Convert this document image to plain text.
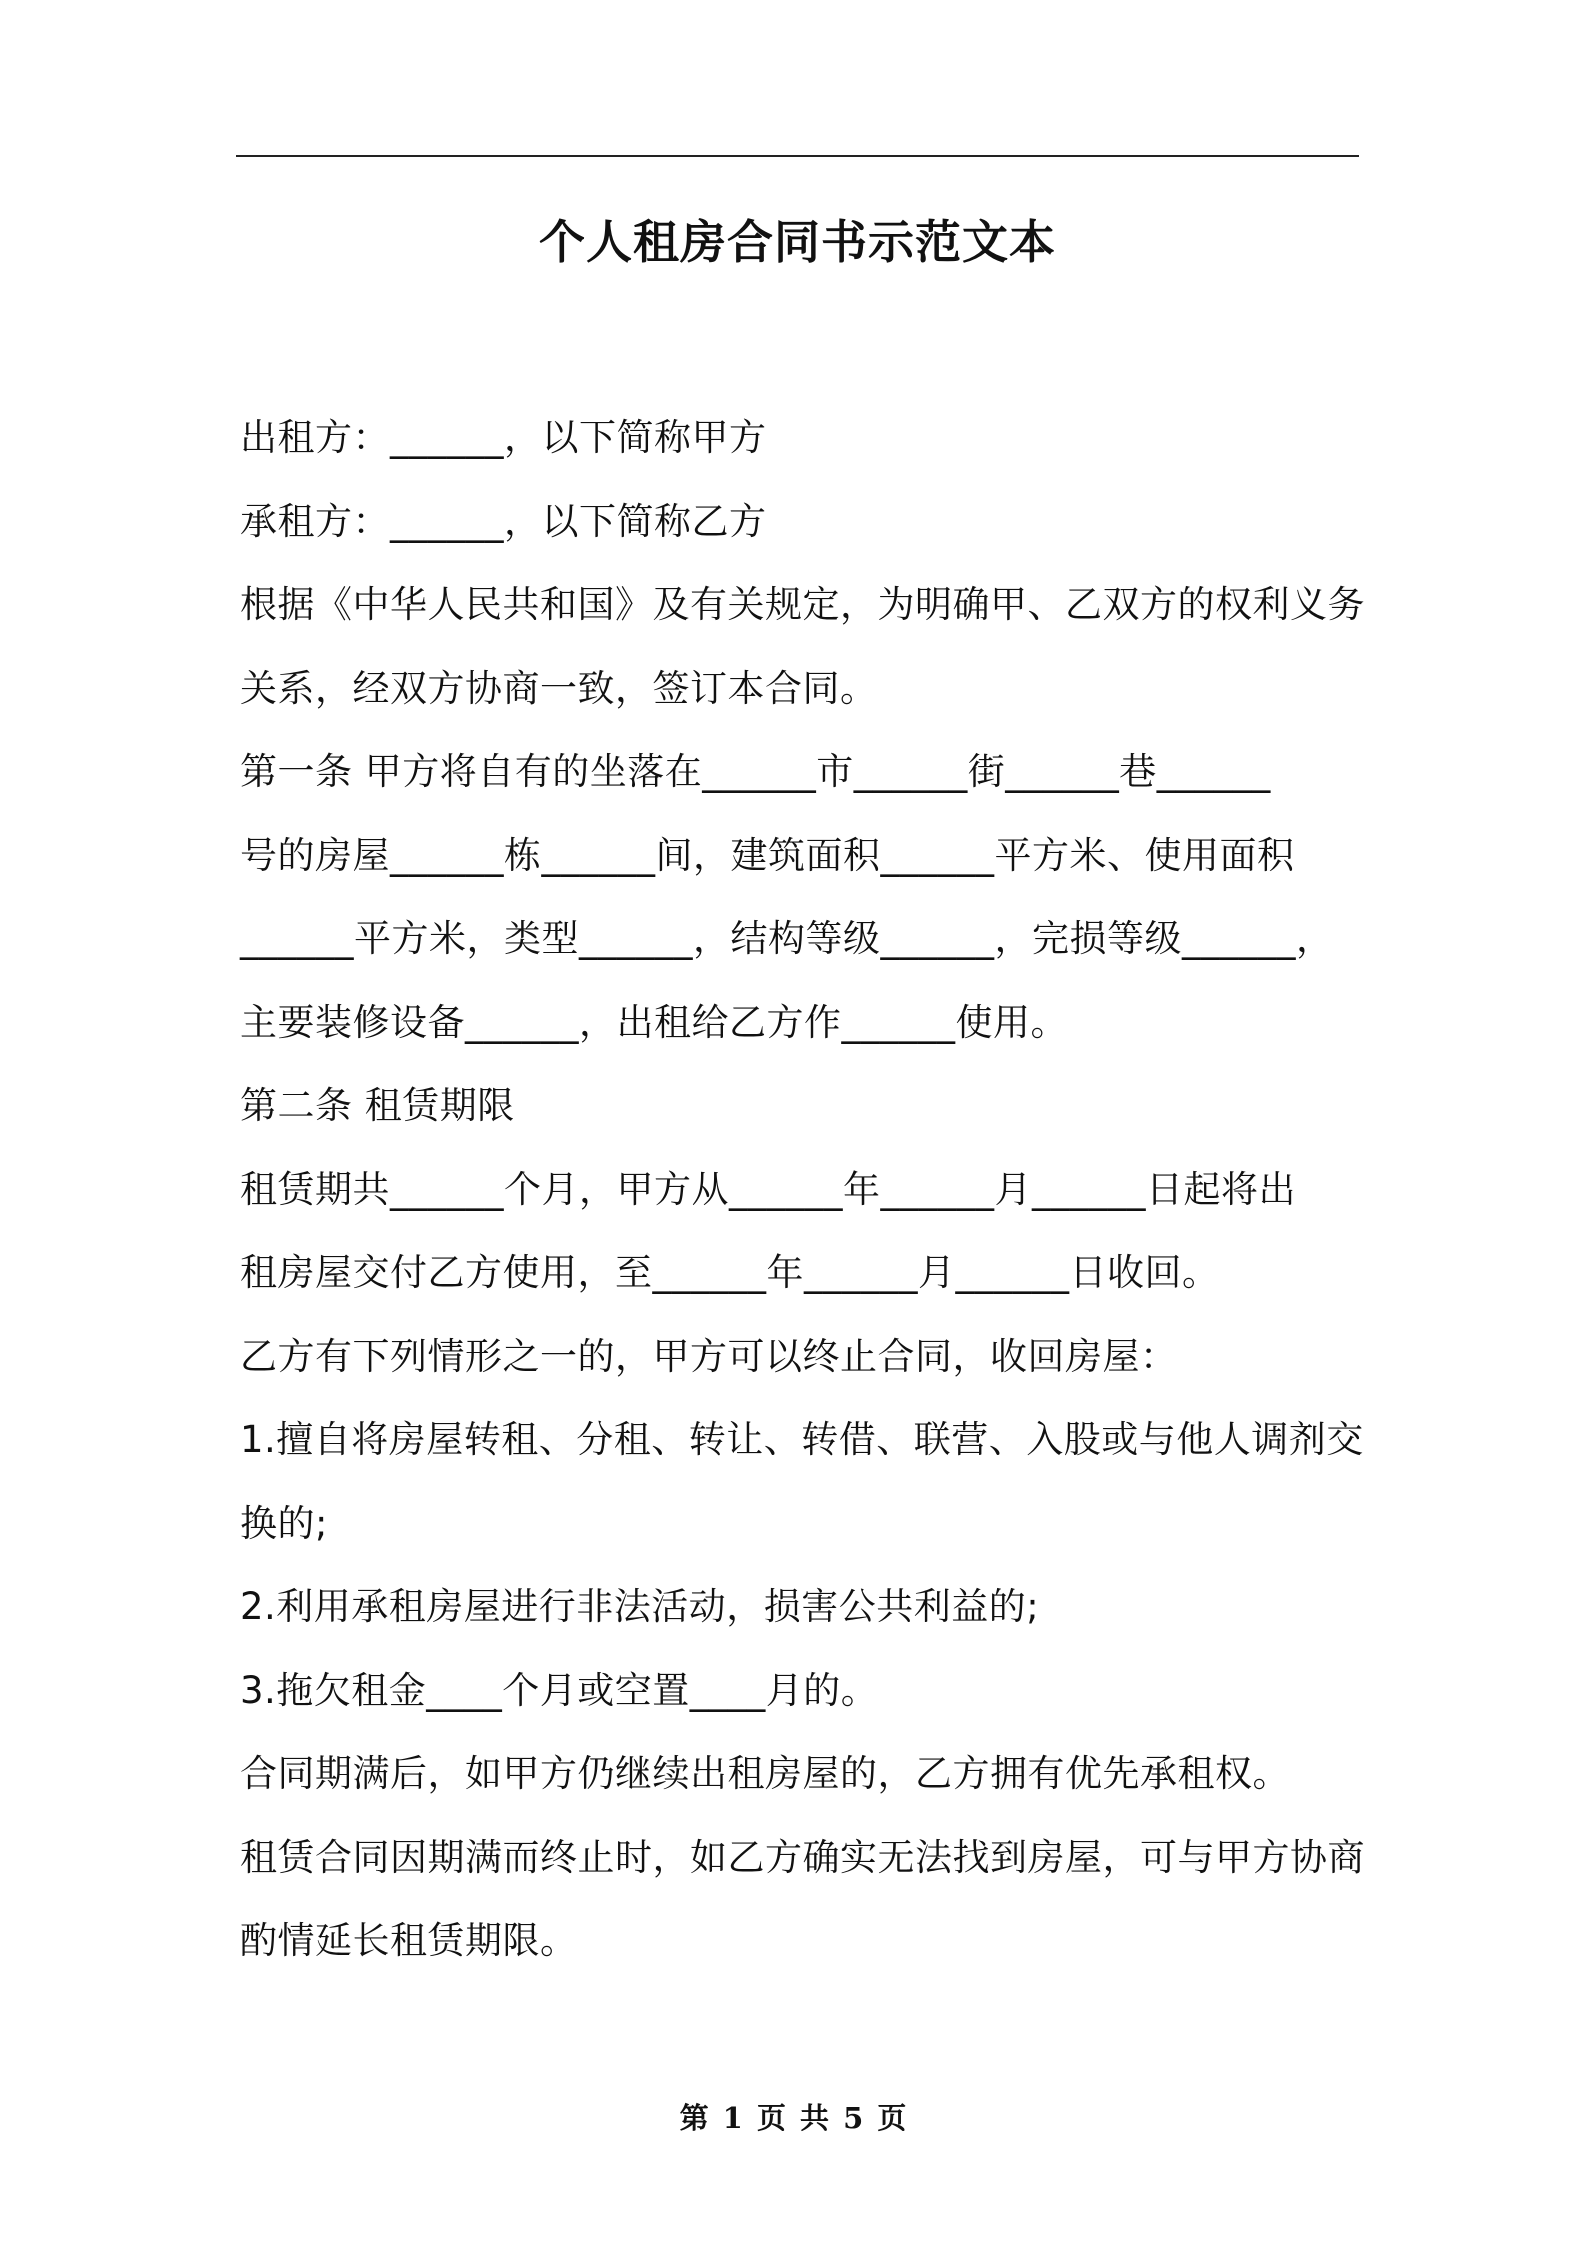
个人租房合同书示范文本
出租方：______，以下简称甲方
承租方：______，以下简称乙方
根据《中华人民共和国》及有关规定，为明确甲、乙双方的权利义务
关系，经双方协商一致，签订本合同。
第一条 甲方将自有的坐落在______市______街______巷______
号的房屋______栋______间，建筑面积______平方米、使用面积
______平方米，类型______，结构等级______，完损等级______，
主要装修设备______，出租给乙方作______使用。
第二条 租赁期限
租赁期共______个月，甲方从______年______月______日起将出
租房屋交付乙方使用，至______年______月______日收回。
乙方有下列情形之一的，甲方可以终止合同，收回房屋：
1.擅自将房屋转租、分租、转让、转借、联营、入股或与他人调剂交
换的;
2.利用承租房屋进行非法活动，损害公共利益的;
3.拖欠租金____个月或空置____月的。
合同期满后，如甲方仍继续出租房屋的，乙方拥有优先承租权。
租赁合同因期满而终止时，如乙方确实无法找到房屋，可与甲方协商
酌情延长租赁期限。
第 1 页 共 5 页
